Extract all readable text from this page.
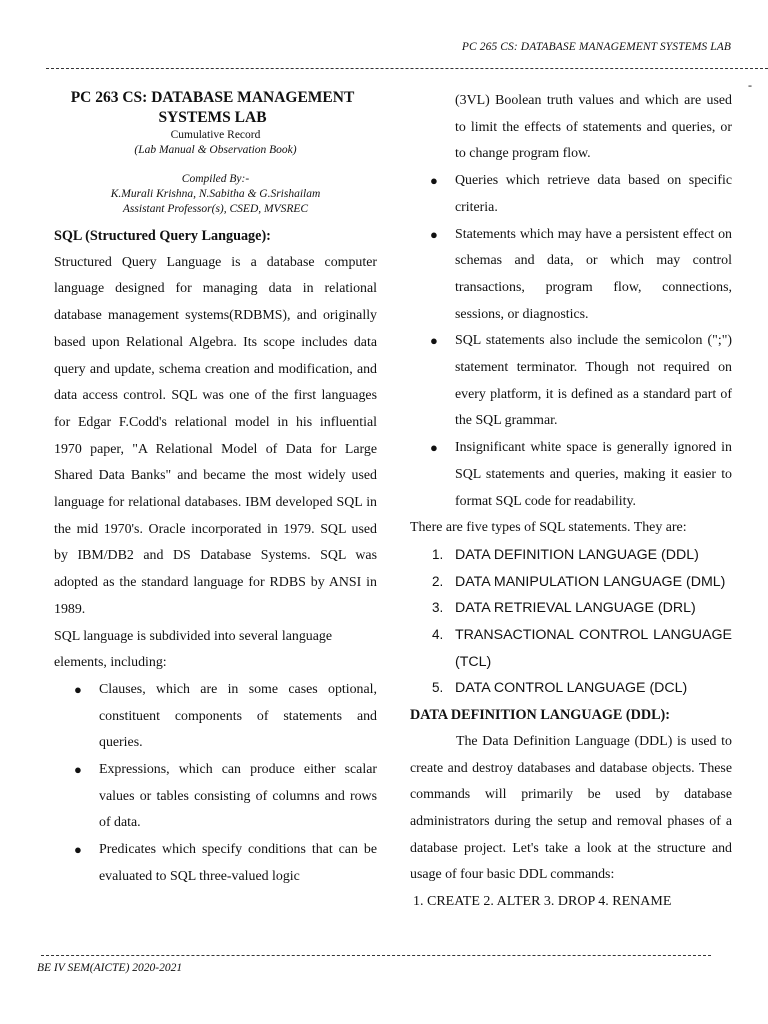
PC 265 CS: DATABASE MANAGEMENT SYSTEMS LAB
-
PC 263 CS: DATABASE MANAGEMENT
SYSTEMS LAB
Cumulative Record
(Lab Manual & Observation Book)
Compiled By:-
K.Murali Krishna, N.Sabitha & G.Srishailam
Assistant Professor(s), CSED, MVSREC

SQL (Structured Query Language):

Structured Query Language is a database computer language designed for managing data in relational database management systems(RDBMS), and originally based upon Relational Algebra. Its scope includes data query and update, schema creation and modification, and data access control. SQL was one of the first languages for Edgar F.Codd's relational model in his influential 1970 paper, "A Relational Model of Data for Large Shared Data Banks" and became the most widely used language for relational databases. IBM developed SQL in the mid 1970's. Oracle incorporated in 1979. SQL used by IBM/DB2 and DS Database Systems. SQL was adopted as the standard language for RDBS by ANSI in 1989.

SQL language is subdivided into several language elements, including:

● Clauses, which are in some cases optional, constituent components of statements and queries.
● Expressions, which can produce either scalar values or tables consisting of columns and rows of data.
● Predicates which specify conditions that can be evaluated to SQL three-valued logic
(3VL) Boolean truth values and which are used to limit the effects of statements and queries, or to change program flow.
● Queries which retrieve data based on specific criteria.
● Statements which may have a persistent effect on schemas and data, or which may control transactions, program flow, connections, sessions, or diagnostics.
● SQL statements also include the semicolon (";") statement terminator. Though not required on every platform, it is defined as a standard part of the SQL grammar.
● Insignificant white space is generally ignored in SQL statements and queries, making it easier to format SQL code for readability.

There are five types of SQL statements. They are:

1. DATA DEFINITION LANGUAGE (DDL)
2. DATA MANIPULATION LANGUAGE (DML)
3. DATA RETRIEVAL LANGUAGE (DRL)
4. TRANSACTIONAL CONTROL LANGUAGE (TCL)
5. DATA CONTROL LANGUAGE (DCL)

DATA DEFINITION LANGUAGE (DDL):

The Data Definition Language (DDL) is used to create and destroy databases and database objects. These commands will primarily be used by database administrators during the setup and removal phases of a database project. Let's take a look at the structure and usage of four basic DDL commands:

1. CREATE 2. ALTER 3. DROP 4. RENAME

BE IV SEM(AICTE) 2020-2021
